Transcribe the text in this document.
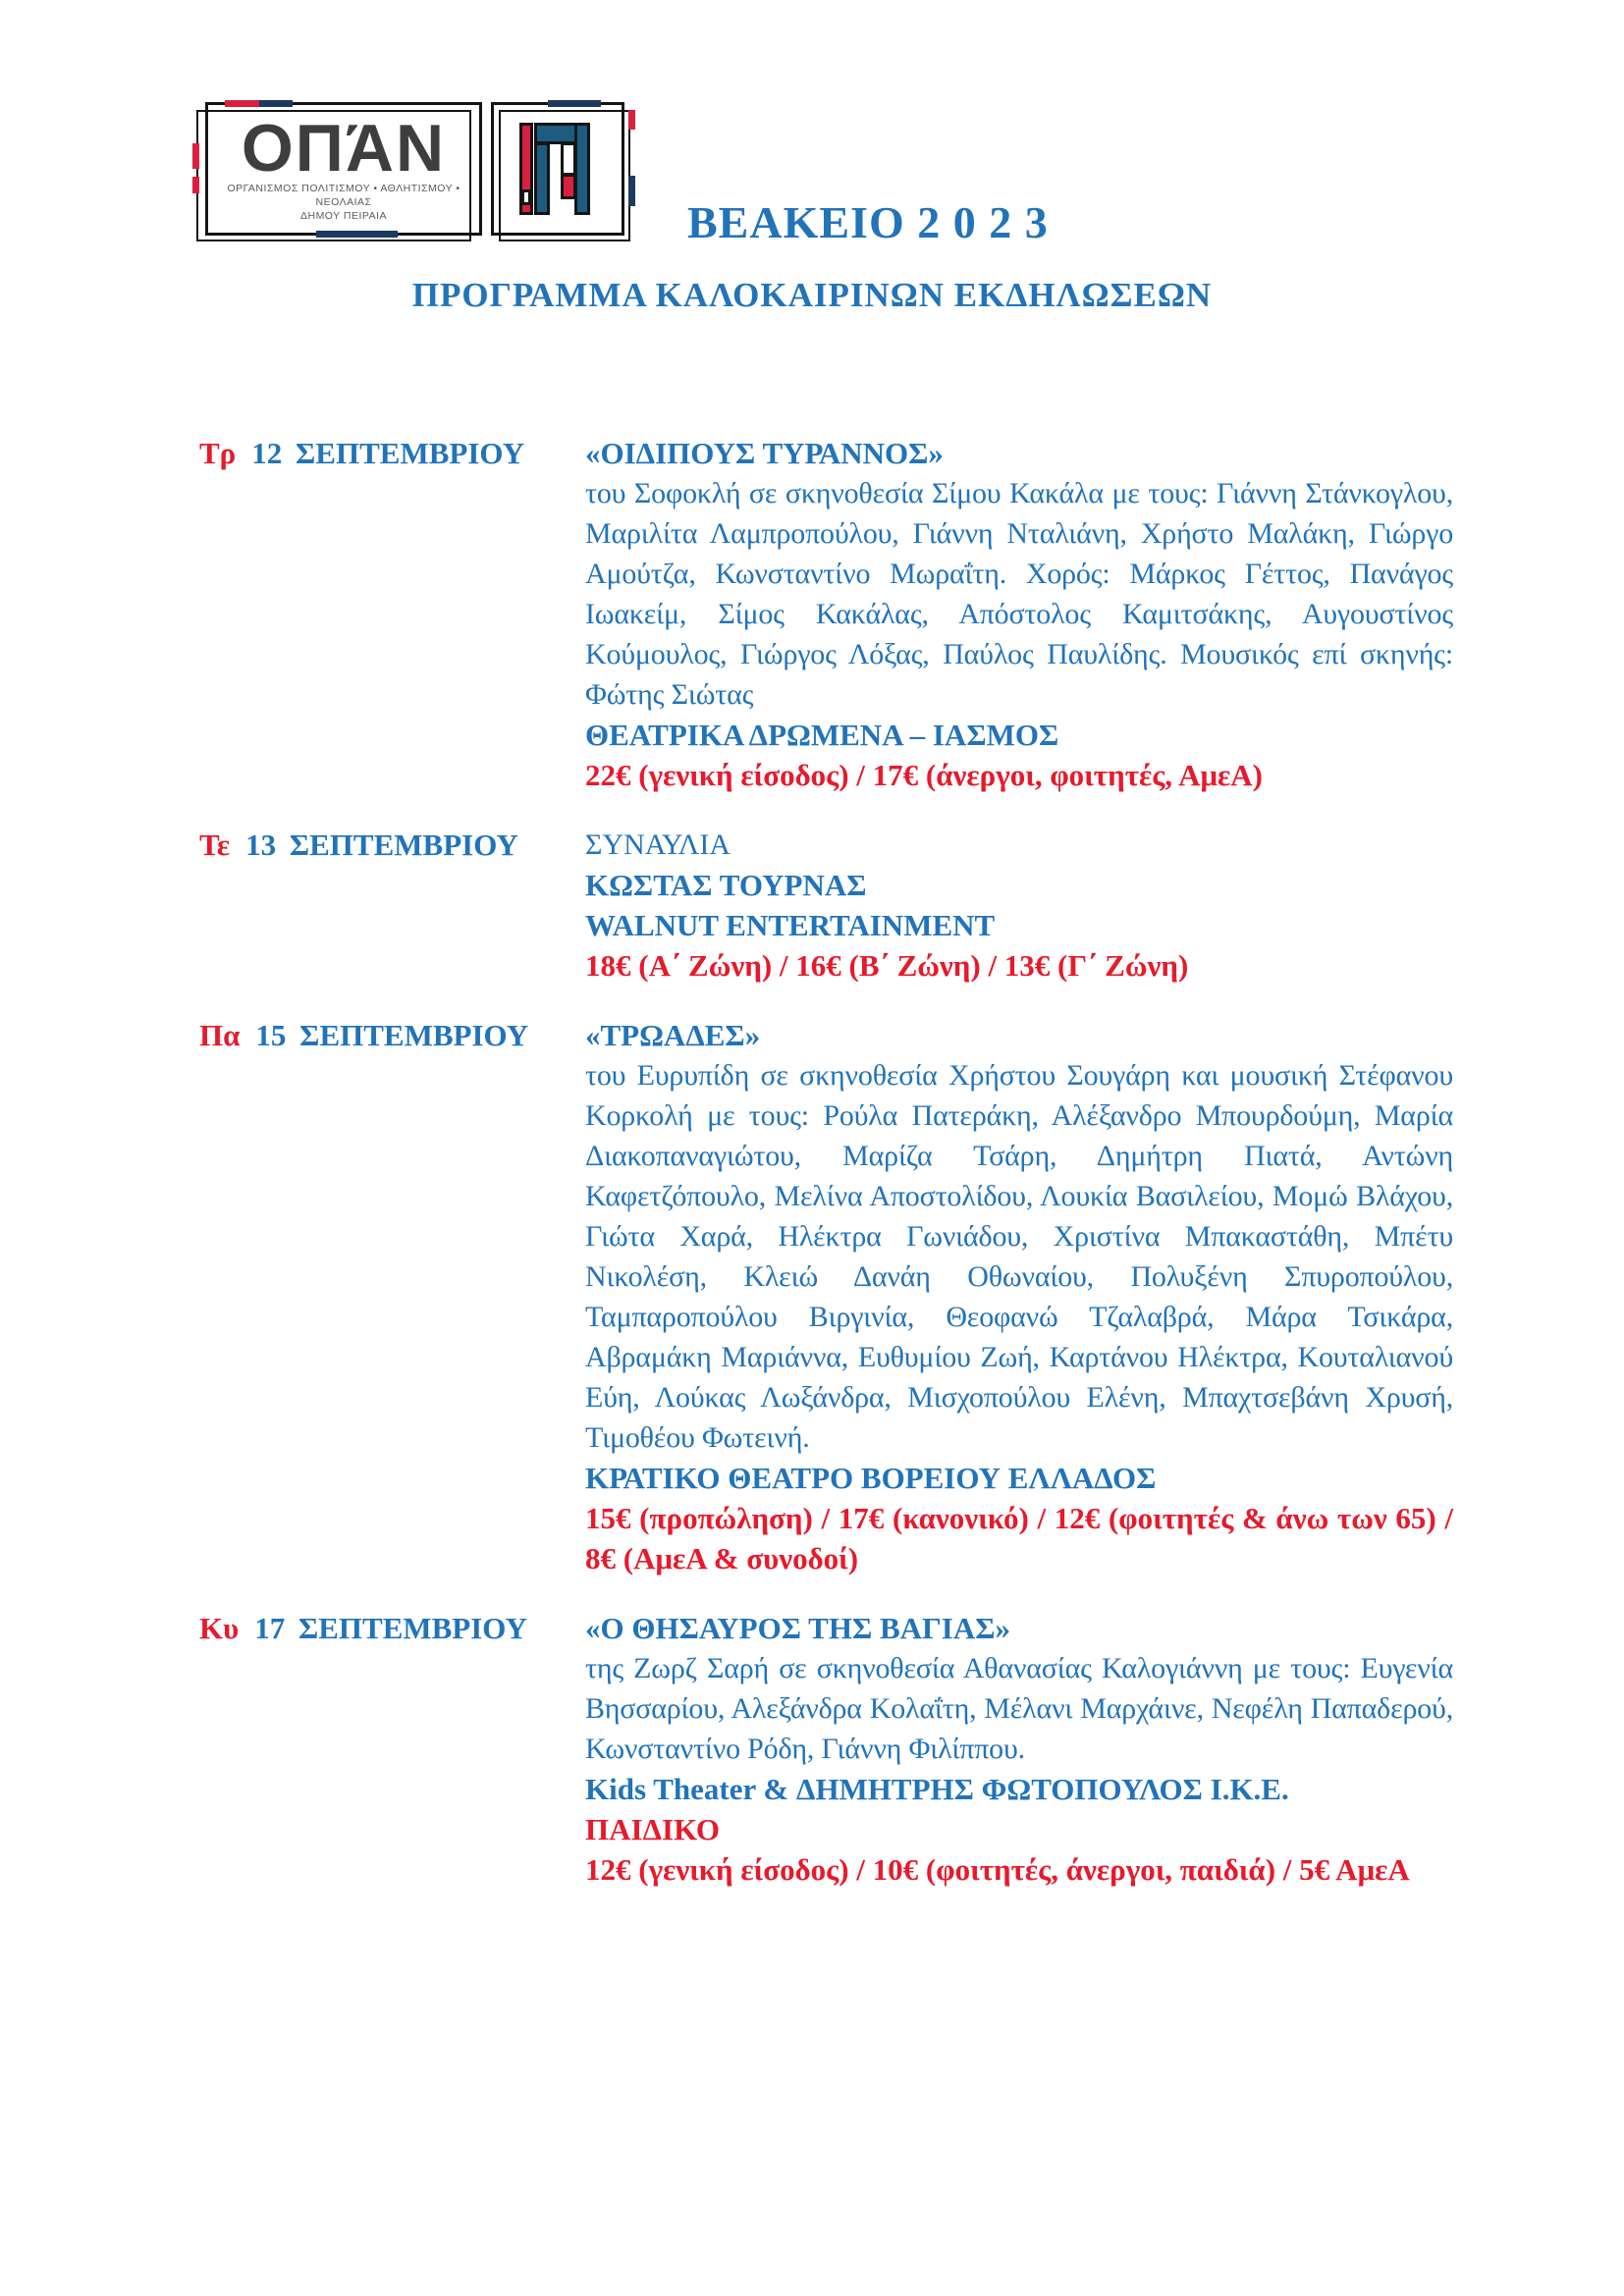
ΟΠΆΝ
ΟΡΓΑΝΙΣΜΟΣ ΠΟΛΙΤΙΣΜΟΥ • ΑΘΛΗΤΙΣΜΟΥ • ΝΕΟΛΑΙΑΣ
ΔΗΜΟΥ ΠΕΙΡΑΙΑ	ΒΕΑΚΕΙΟ 2 0 2 3
ΠΡΟΓΡΑΜΜΑ ΚΑΛΟΚΑΙΡΙΝΩΝ ΕΚΔΗΛΩΣΕΩΝ
Τρ 12 ΣΕΠΤΕΜΒΡΙΟΥ	«ΟΙΔΙΠΟΥΣ ΤΥΡΑΝΝΟΣ»
του Σοφοκλή σε σκηνοθεσία Σίμου Κακάλα με τους: Γιάννη Στάνκογλου, Μαριλίτα Λαμπροπούλου, Γιάννη Νταλιάνη, Χρήστο Μαλάκη, Γιώργο Αμούτζα, Κωνσταντίνο Μωραΐτη. Χορός: Μάρκος Γέττος, Πανάγος Ιωακείμ, Σίμος Κακάλας, Απόστολος Καμιτσάκης, Αυγουστίνος Κούμουλος, Γιώργος Λόξας, Παύλος Παυλίδης. Μουσικός επί σκηνής: Φώτης Σιώτας
ΘΕΑΤΡΙΚΑ ΔΡΩΜΕΝΑ – ΙΑΣΜΟΣ
22€ (γενική είσοδος) / 17€ (άνεργοι, φοιτητές, ΑμεΑ)
Τε 13 ΣΕΠΤΕΜΒΡΙΟΥ	ΣΥΝΑΥΛΙΑ
ΚΩΣΤΑΣ ΤΟΥΡΝΑΣ
WALNUT ENTERTAINMENT
18€ (Α΄ Ζώνη) / 16€ (Β΄ Ζώνη) / 13€ (Γ΄ Ζώνη)
Πα 15 ΣΕΠΤΕΜΒΡΙΟΥ	«ΤΡΩΑΔΕΣ»
του Ευρυπίδη σε σκηνοθεσία Χρήστου Σουγάρη και μουσική Στέφανου Κορκολή με τους: Ρούλα Πατεράκη, Αλέξανδρο Μπουρδούμη, Μαρία Διακοπαναγιώτου, Μαρίζα Τσάρη, Δημήτρη Πιατά, Αντώνη Καφετζόπουλο, Μελίνα Αποστολίδου, Λουκία Βασιλείου, Μομώ Βλάχου, Γιώτα Χαρά, Ηλέκτρα Γωνιάδου, Χριστίνα Μπακαστάθη, Μπέτυ Νικολέση, Κλειώ Δανάη Οθωναίου, Πολυξένη Σπυροπούλου, Ταμπαροπούλου Βιργινία, Θεοφανώ Τζαλαβρά, Μάρα Τσικάρα, Αβραμάκη Μαριάννα, Ευθυμίου Ζωή, Καρτάνου Ηλέκτρα, Κουταλιανού Εύη, Λούκας Λωξάνδρα, Μισχοπούλου Ελένη, Μπαχτσεβάνη Χρυσή, Τιμοθέου Φωτεινή.
ΚΡΑΤΙΚΟ ΘΕΑΤΡΟ ΒΟΡΕΙΟΥ ΕΛΛΑΔΟΣ
15€ (προπώληση) / 17€ (κανονικό) / 12€ (φοιτητές & άνω των 65) / 8€ (ΑμεΑ & συνοδοί)
Κυ 17 ΣΕΠΤΕΜΒΡΙΟΥ	«Ο ΘΗΣΑΥΡΟΣ ΤΗΣ ΒΑΓΙΑΣ»
της Ζωρζ Σαρή σε σκηνοθεσία Αθανασίας Καλογιάννη με τους: Ευγενία Βησσαρίου, Αλεξάνδρα Κολαΐτη, Μέλανι Μαρχάινε, Νεφέλη Παπαδερού, Κωνσταντίνο Ρόδη, Γιάννη Φιλίππου.
Kids Theater & ΔΗΜΗΤΡΗΣ ΦΩΤΟΠΟΥΛΟΣ Ι.Κ.Ε.
ΠΑΙΔΙΚΟ
12€ (γενική είσοδος) / 10€ (φοιτητές, άνεργοι, παιδιά) / 5€ ΑμεΑ
